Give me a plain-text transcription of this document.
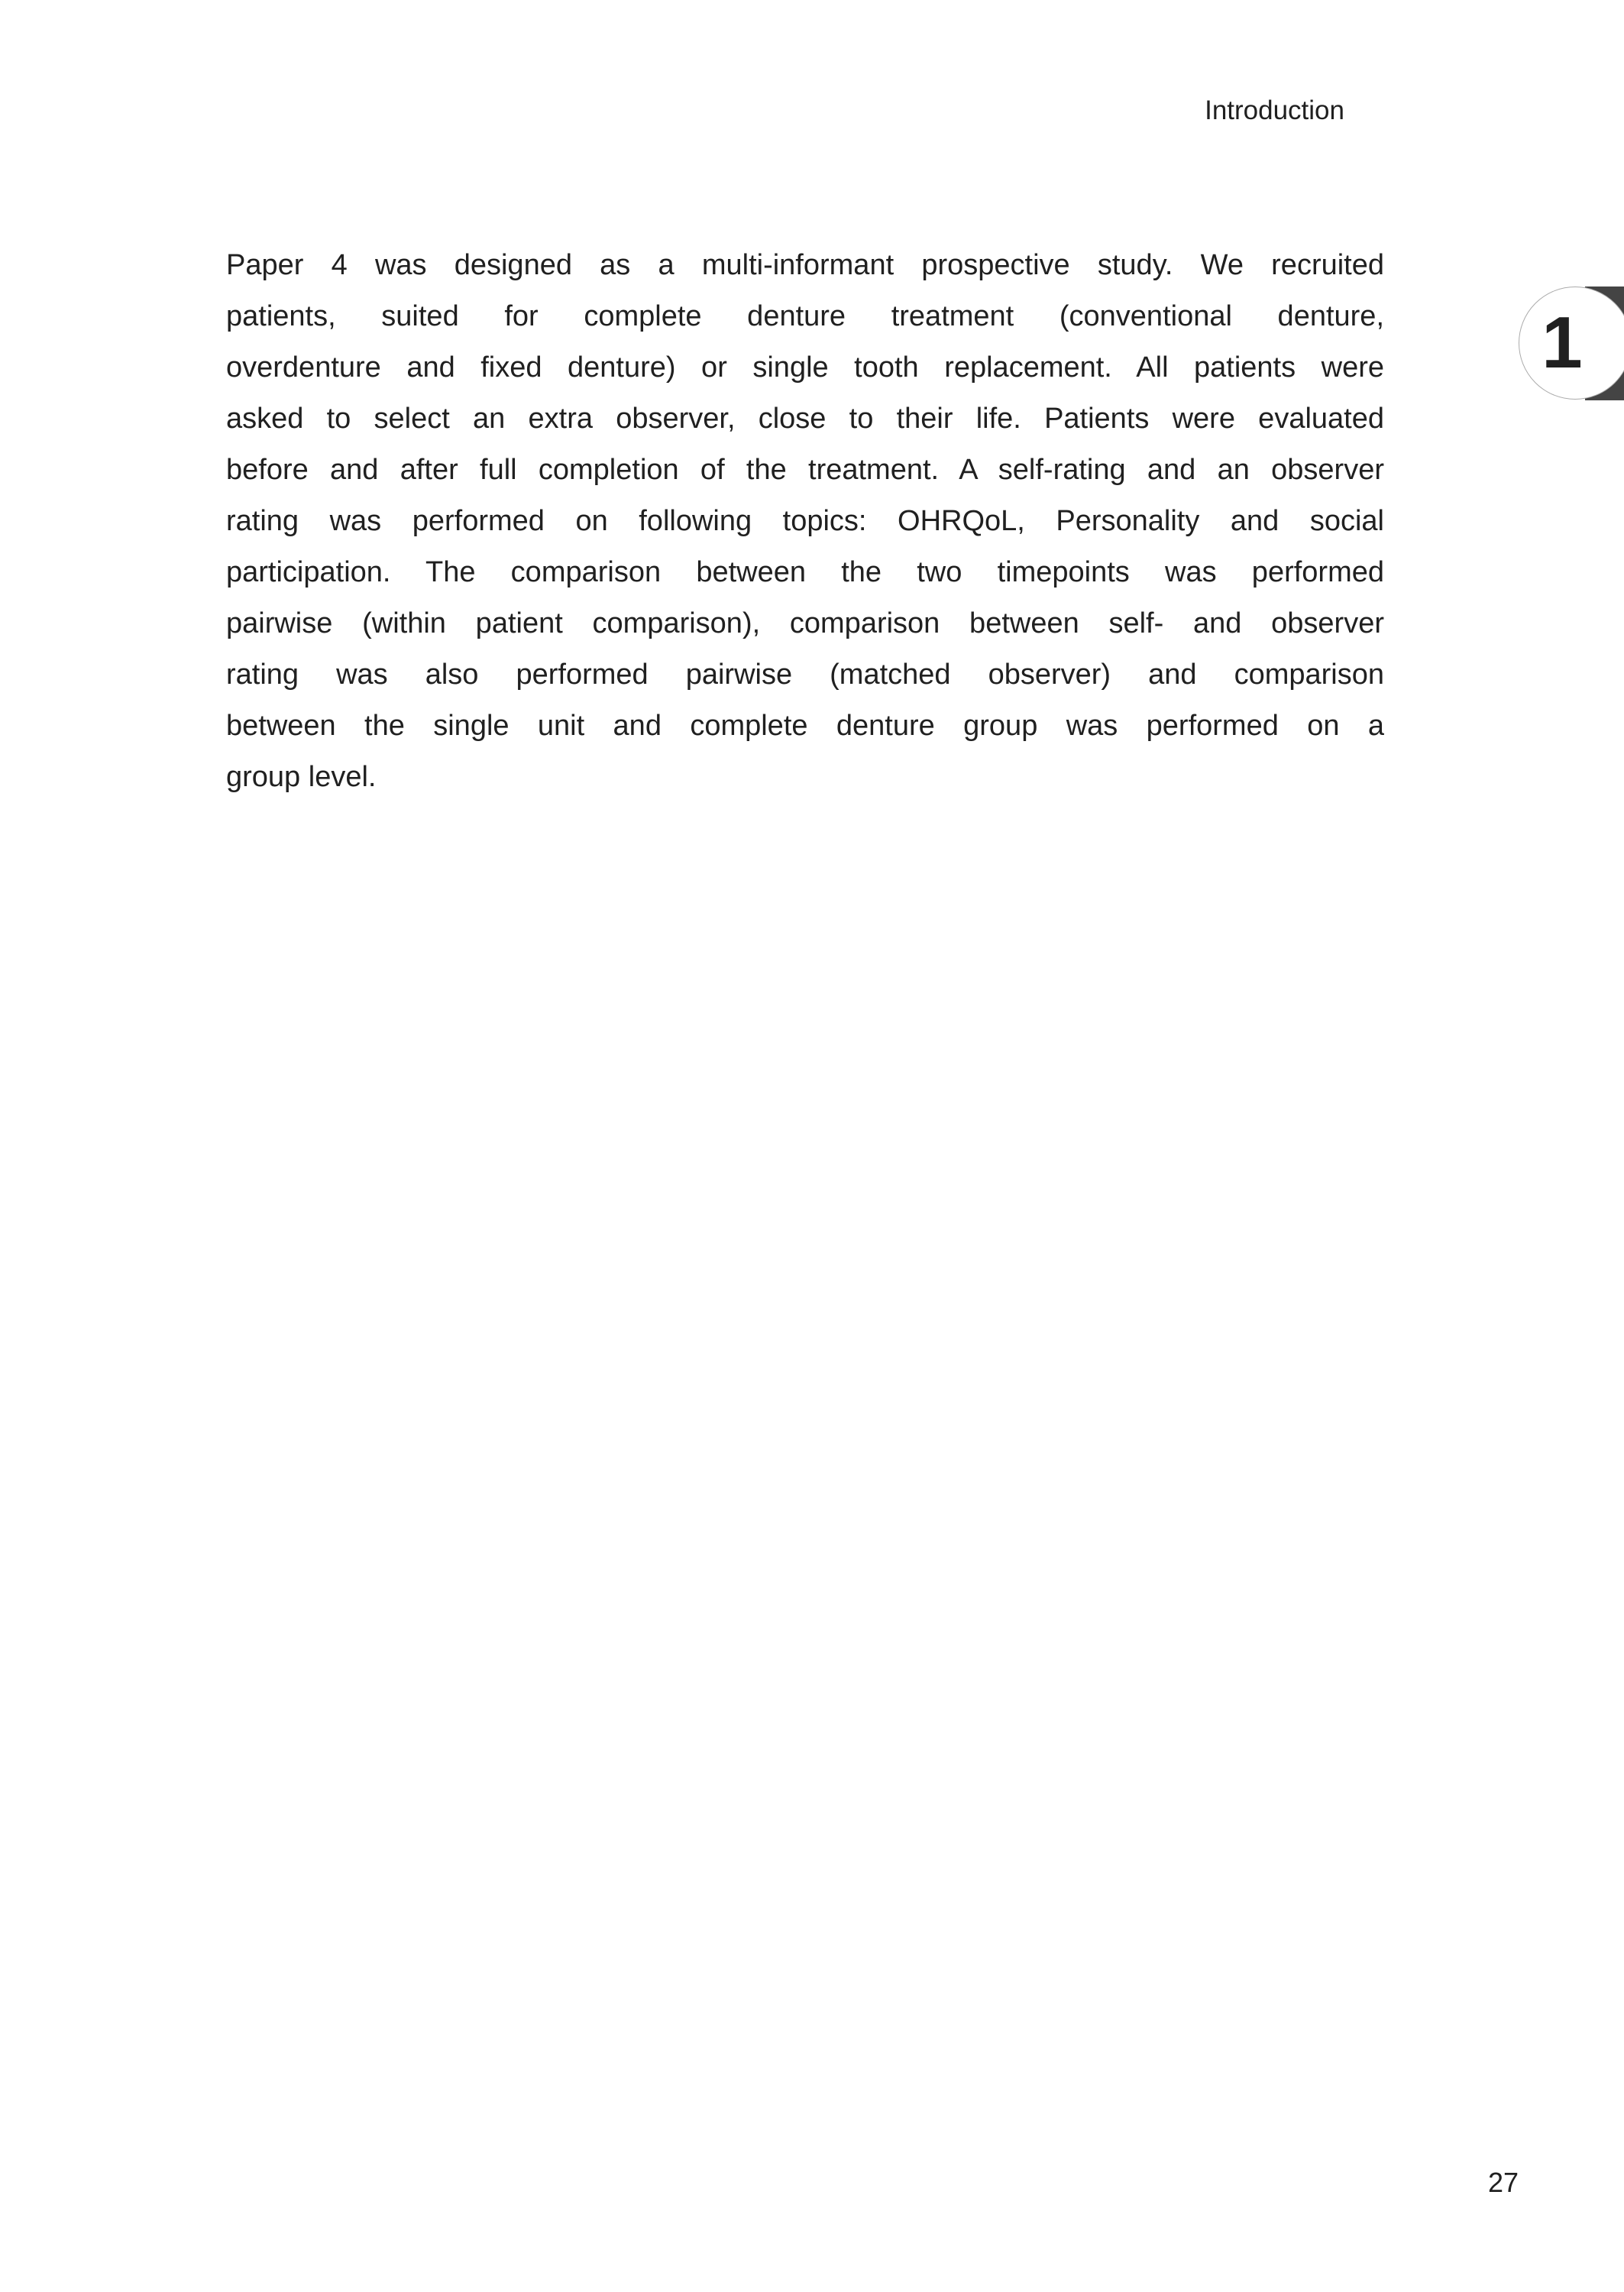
Introduction
Paper 4 was designed as a multi-informant prospective study. We recruited
patients, suited for complete denture treatment (conventional denture,
overdenture and fixed denture) or single tooth replacement. All patients were
asked to select an extra observer, close to their life. Patients were evaluated
before and after full completion of the treatment. A self-rating and an observer
rating was performed on following topics: OHRQoL, Personality and social
participation. The comparison between the two timepoints was performed
pairwise (within patient comparison), comparison between self- and observer
rating was also performed pairwise (matched observer) and comparison
between the single unit and complete denture group was performed on a
group level.
1
27
